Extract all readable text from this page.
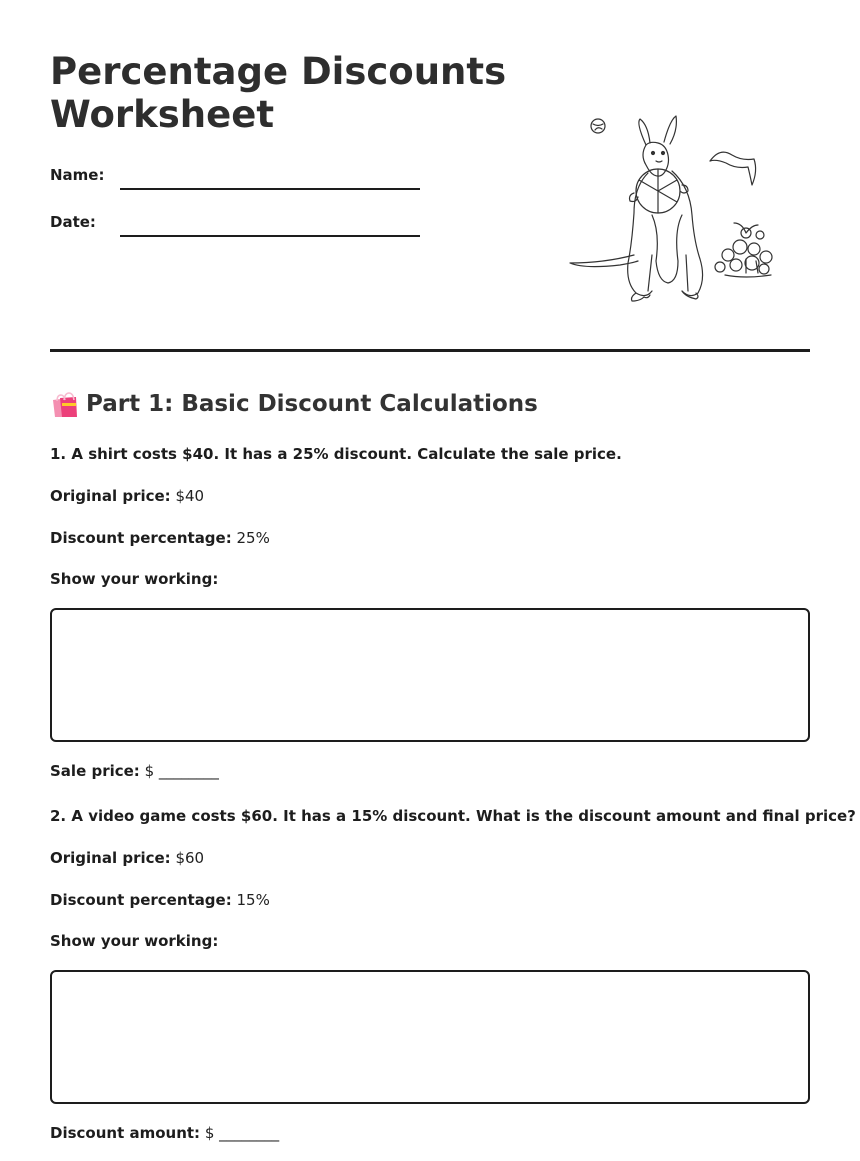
Percentage Discounts
Worksheet
Name:
Date:
Part 1: Basic Discount Calculations

1. A shirt costs $40. It has a 25% discount. Calculate the sale price.

Original price: $40

Discount percentage: 25%

Show your working:

Sale price: $ ________

2. A video game costs $60. It has a 15% discount. What is the discount amount and final price?

Original price: $60

Discount percentage: 15%

Show your working:

Discount amount: $ ________
